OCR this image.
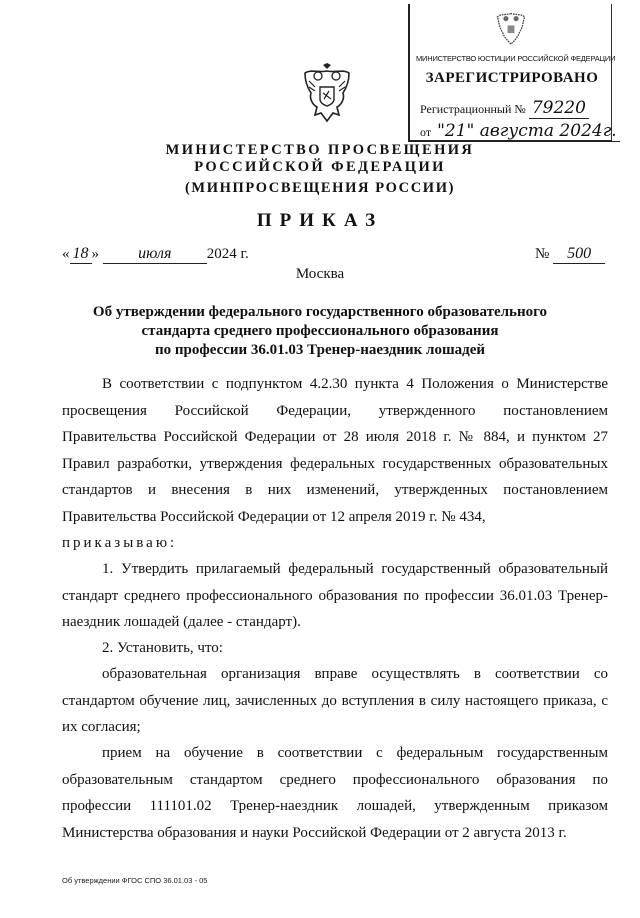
МИНИСТЕРСТВО ЮСТИЦИИ РОССИЙСКОЙ ФЕДЕРАЦИИ
ЗАРЕГИСТРИРОВАНО
Регистрационный № 79220
от "21" августа 2024г.
МИНИСТЕРСТВО ПРОСВЕЩЕНИЯ
РОССИЙСКОЙ ФЕДЕРАЦИИ
(МИНПРОСВЕЩЕНИЯ РОССИИ)
ПРИКАЗ
« 18 » июля 2024 г.	№ 500
Москва
Об утверждении федерального государственного образовательного
стандарта среднего профессионального образования
по профессии 36.01.03 Тренер-наездник лошадей
В соответствии с подпунктом 4.2.30 пункта 4 Положения о Министерстве просвещения Российской Федерации, утвержденного постановлением Правительства Российской Федерации от 28 июля 2018 г. № 884, и пунктом 27 Правил разработки, утверждения федеральных государственных образовательных стандартов и внесения в них изменений, утвержденных постановлением Правительства Российской Федерации от 12 апреля 2019 г. № 434,
приказываю:
1. Утвердить прилагаемый федеральный государственный образовательный стандарт среднего профессионального образования по профессии 36.01.03 Тренер-наездник лошадей (далее - стандарт).
2. Установить, что:
образовательная организация вправе осуществлять в соответствии со стандартом обучение лиц, зачисленных до вступления в силу настоящего приказа, с их согласия;
прием на обучение в соответствии с федеральным государственным образовательным стандартом среднего профессионального образования по профессии 111101.02 Тренер-наездник лошадей, утвержденным приказом Министерства образования и науки Российской Федерации от 2 августа 2013 г.
Об утверждении ФГОС СПО 36.01.03 - 05
